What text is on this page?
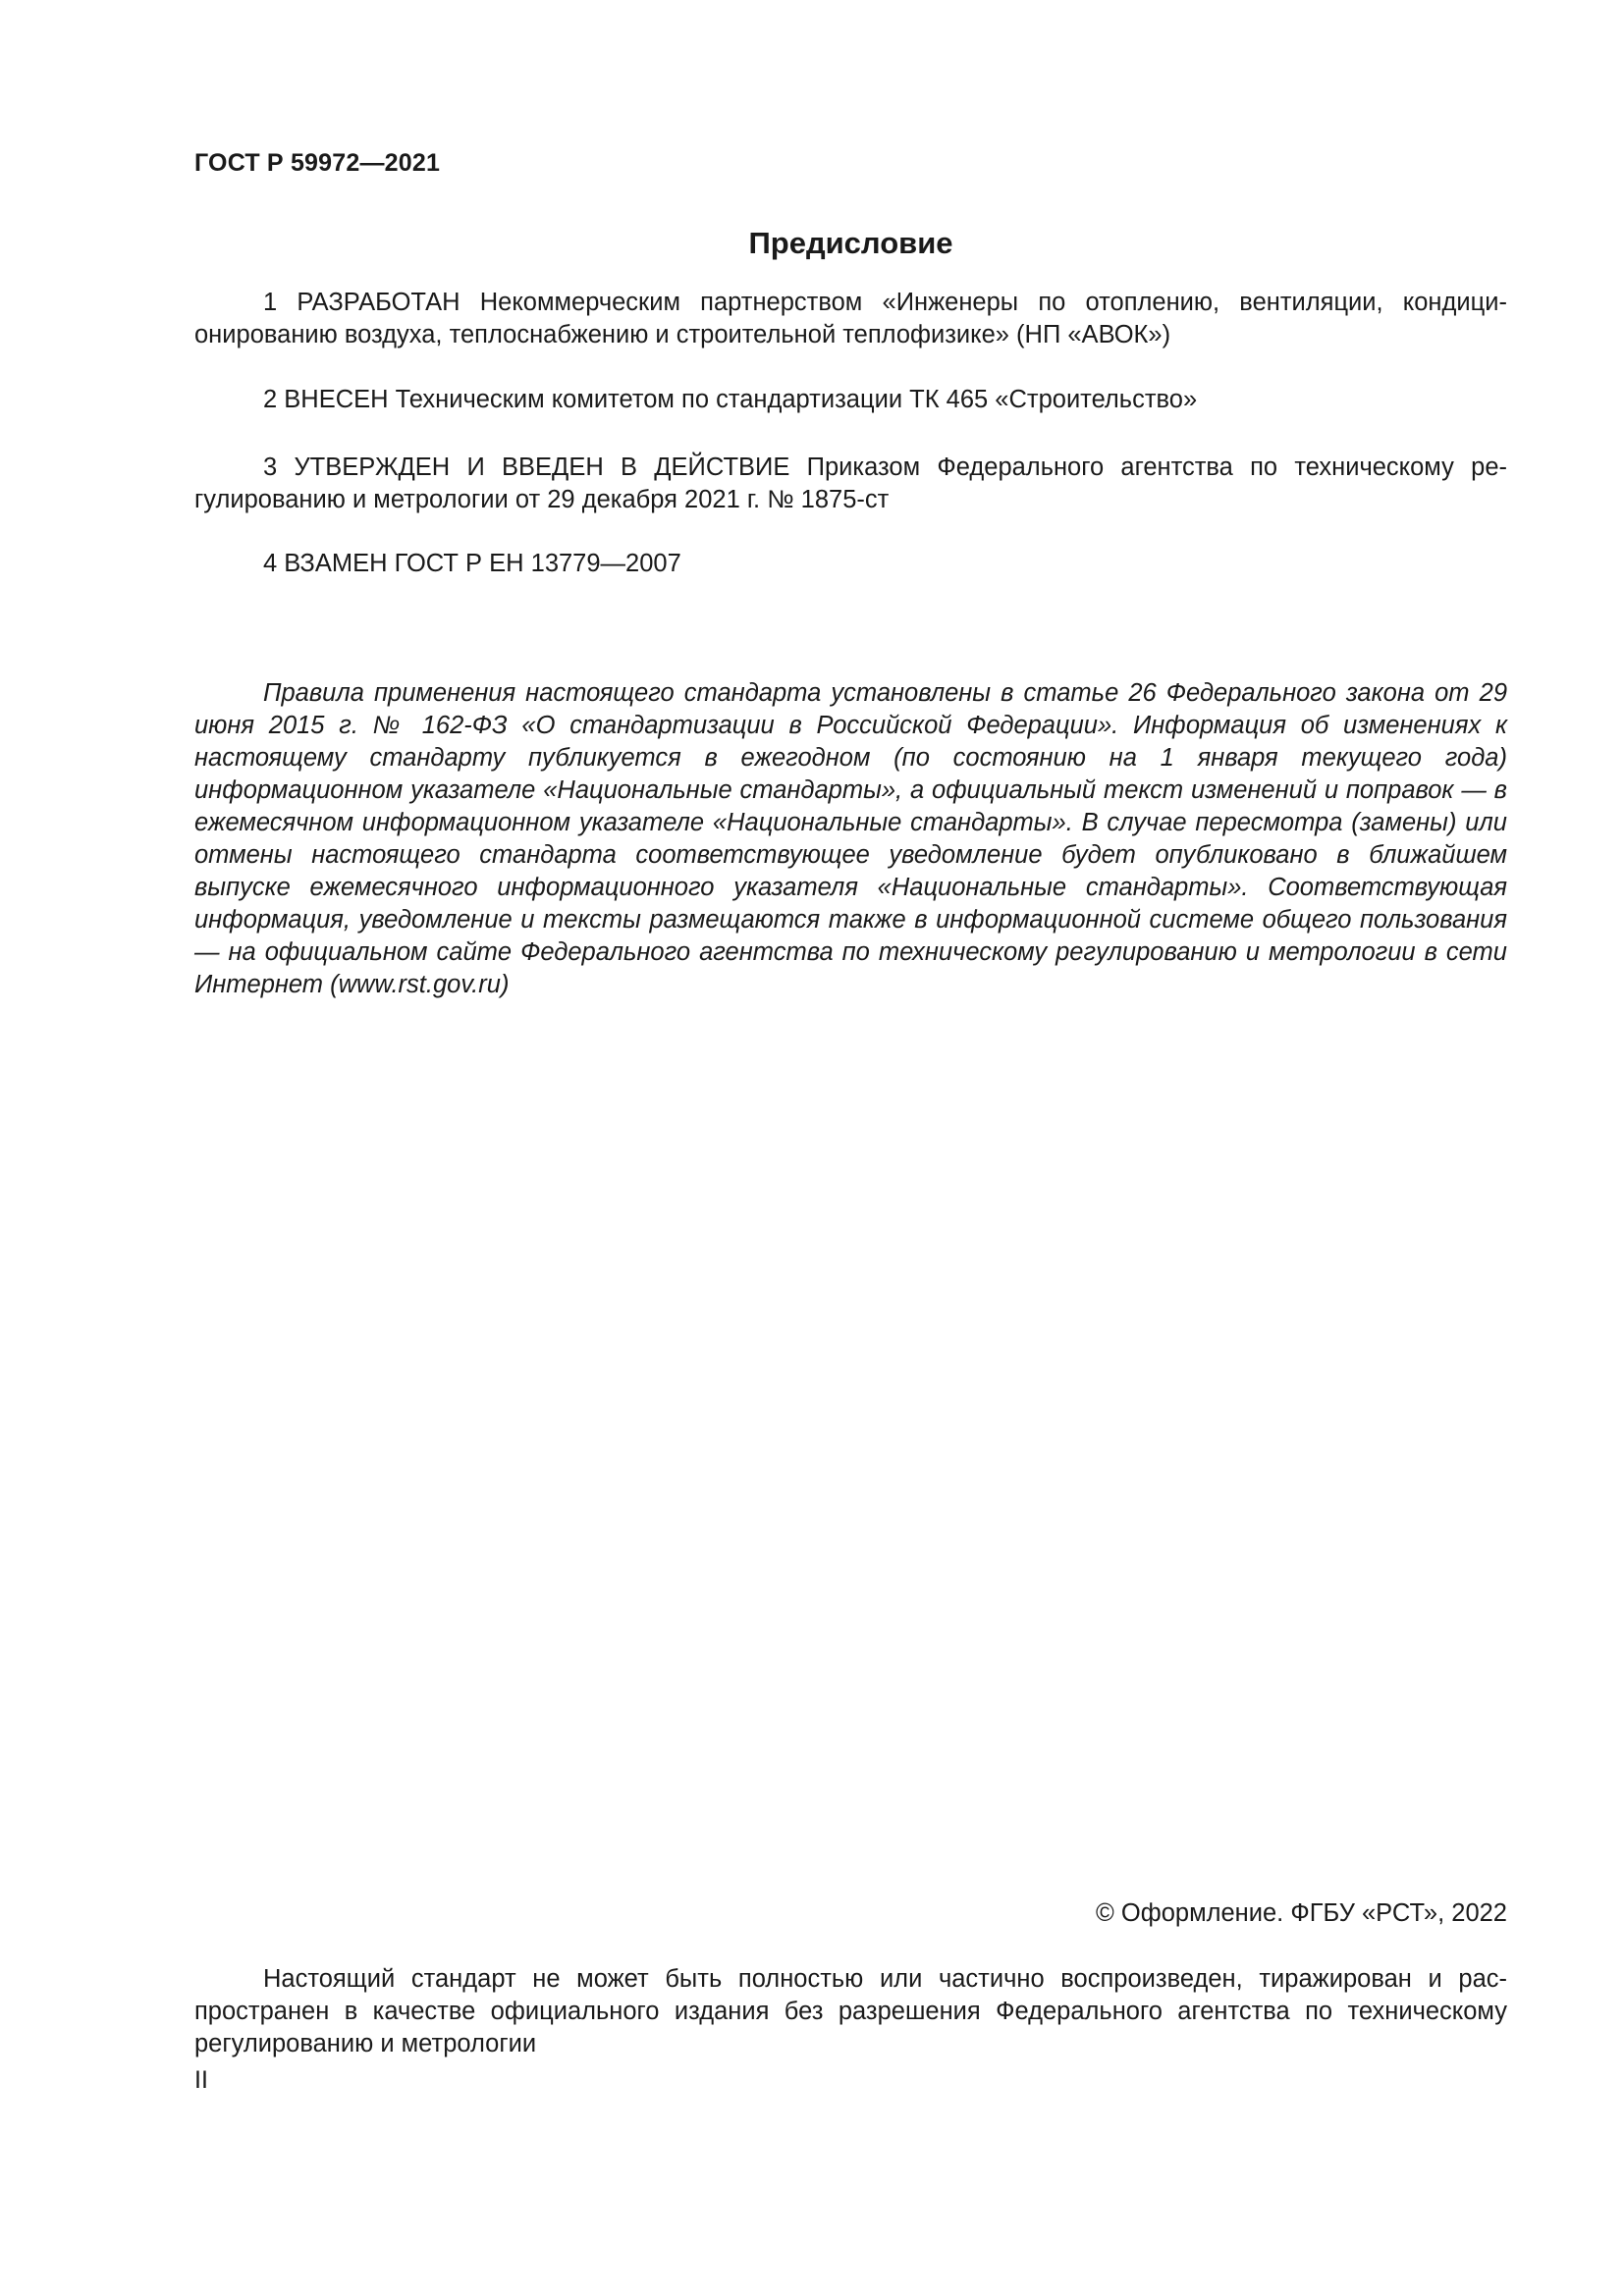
ГОСТ Р 59972—2021
Предисловие

1 РАЗРАБОТАН Некоммерческим партнерством «Инженеры по отоплению, вентиляции, кондиционированию воздуха, теплоснабжению и строительной теплофизике» (НП «АВОК»)

2 ВНЕСЕН Техническим комитетом по стандартизации ТК 465 «Строительство»

3 УТВЕРЖДЕН И ВВЕДЕН В ДЕЙСТВИЕ Приказом Федерального агентства по техническому регулированию и метрологии от 29 декабря 2021 г. № 1875-ст

4 ВЗАМЕН ГОСТ Р ЕН 13779—2007

Правила применения настоящего стандарта установлены в статье 26 Федерального закона от 29 июня 2015 г. № 162-ФЗ «О стандартизации в Российской Федерации». Информация об изменениях к настоящему стандарту публикуется в ежегодном (по состоянию на 1 января текущего года) информационном указателе «Национальные стандарты», а официальный текст изменений и поправок — в ежемесячном информационном указателе «Национальные стандарты». В случае пересмотра (замены) или отмены настоящего стандарта соответствующее уведомление будет опубликовано в ближайшем выпуске ежемесячного информационного указателя «Национальные стандарты». Соответствующая информация, уведомление и тексты размещаются также в информационной системе общего пользования — на официальном сайте Федерального агентства по техническому регулированию и метрологии в сети Интернет (www.rst.gov.ru)

© Оформление. ФГБУ «РСТ», 2022

Настоящий стандарт не может быть полностью или частично воспроизведен, тиражирован и распространен в качестве официального издания без разрешения Федерального агентства по техническому регулированию и метрологии

II
